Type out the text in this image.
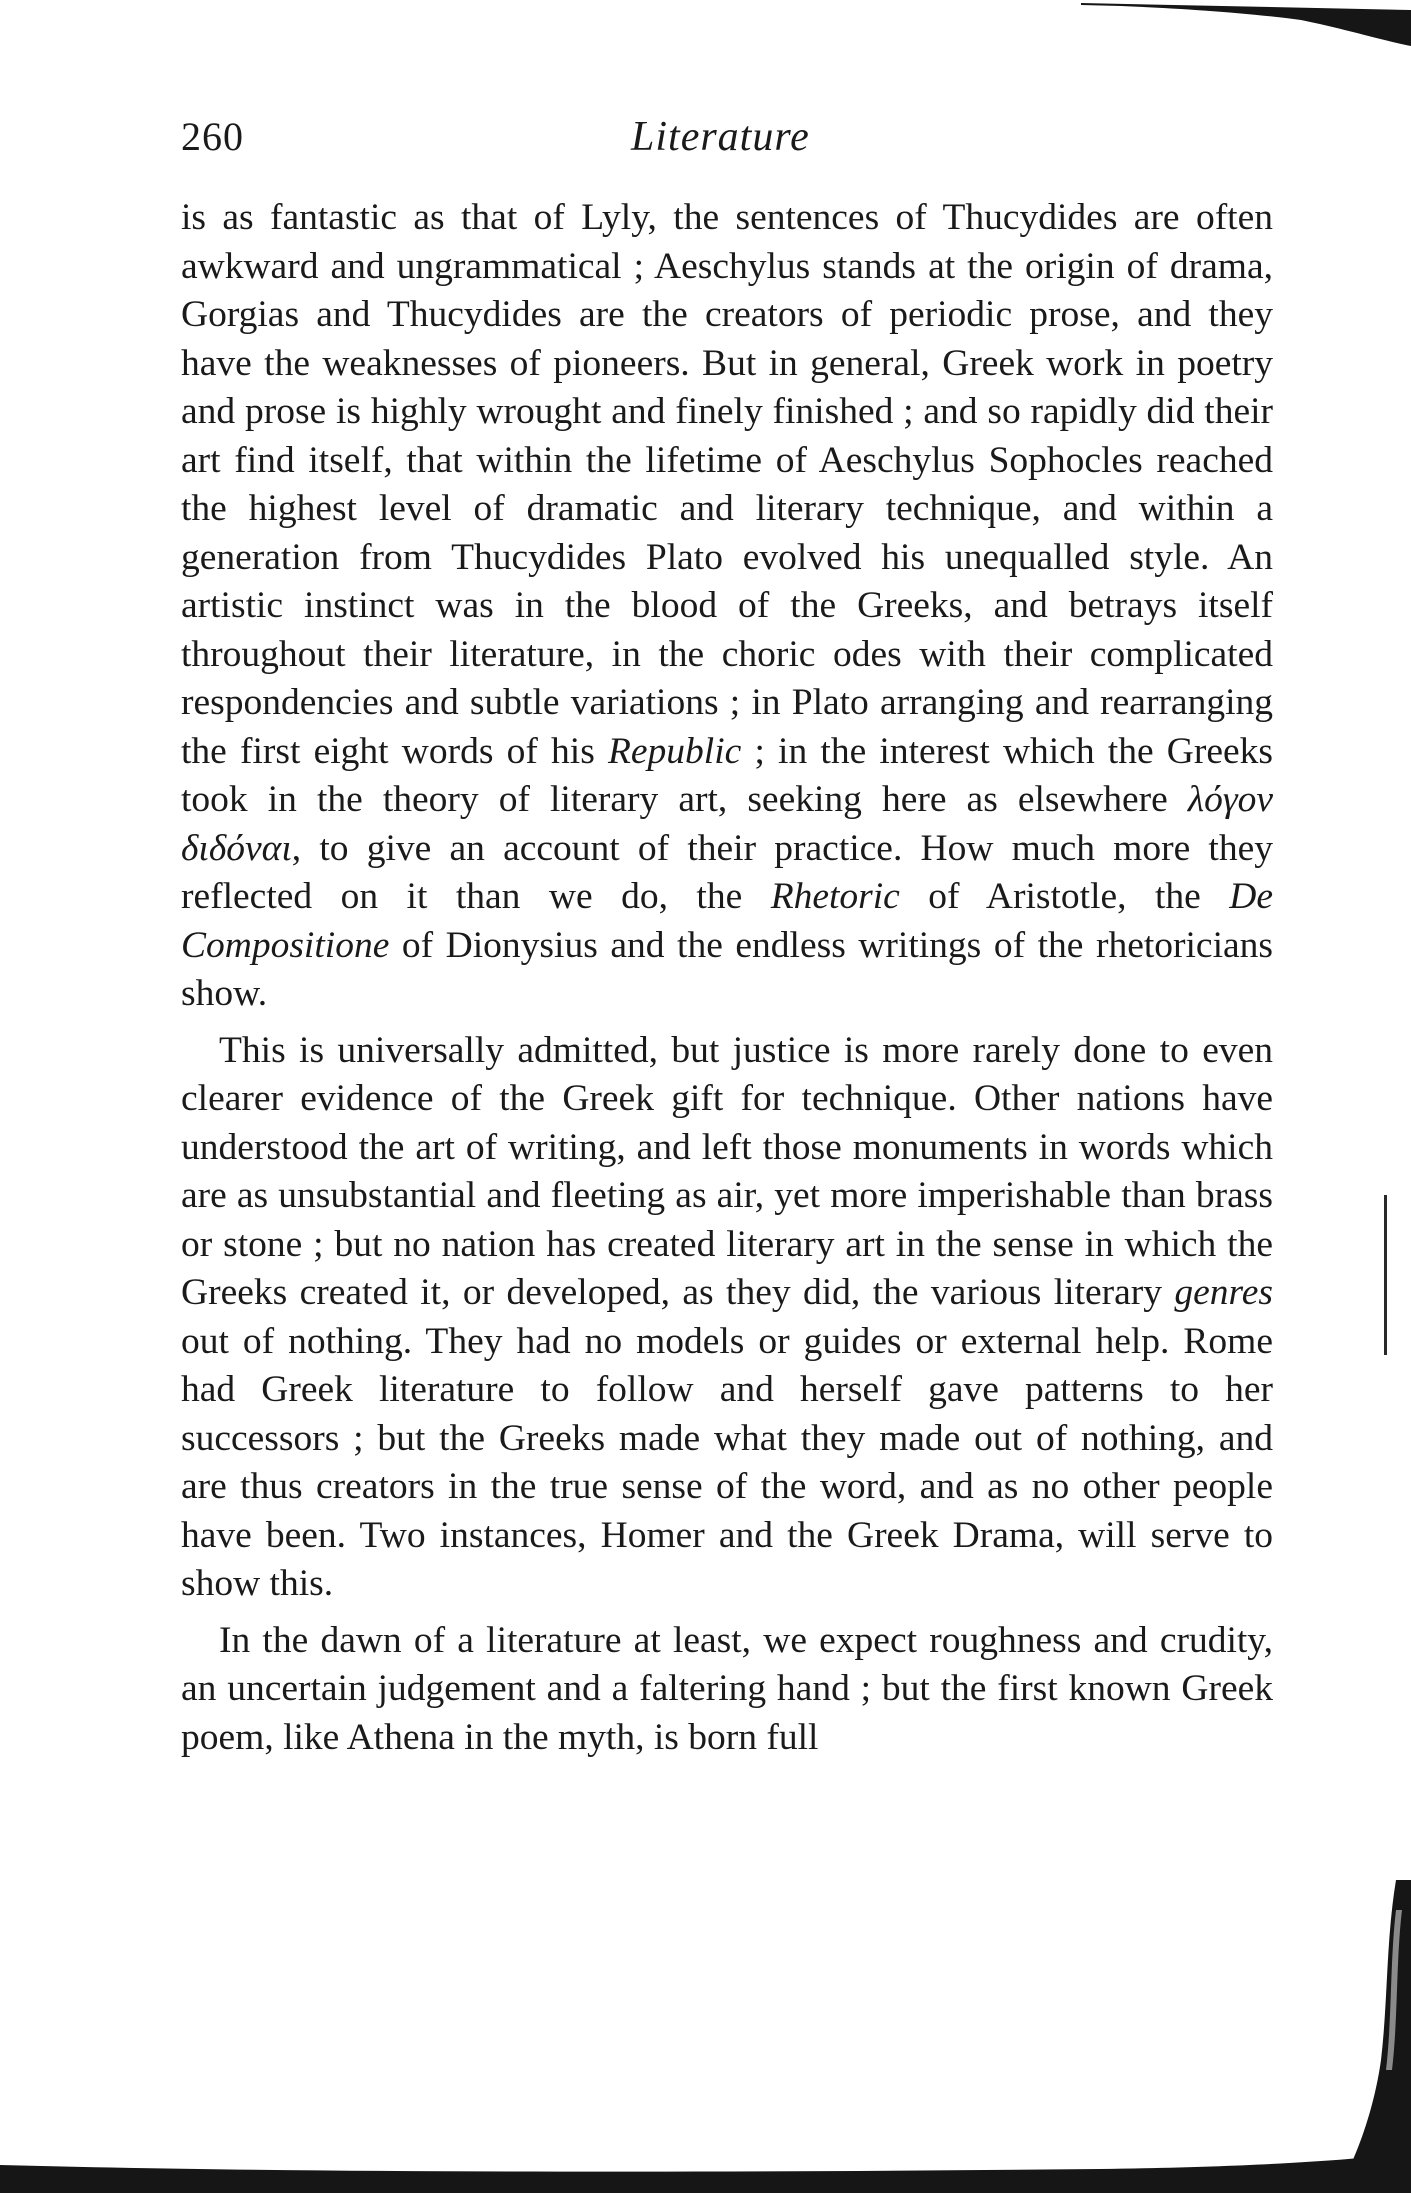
260	Literature

is as fantastic as that of Lyly, the sentences of Thucydides are often awkward and ungrammatical ; Aeschylus stands at the origin of drama, Gorgias and Thucydides are the creators of periodic prose, and they have the weaknesses of pioneers. But in general, Greek work in poetry and prose is highly wrought and finely finished ; and so rapidly did their art find itself, that within the lifetime of Aeschylus Sophocles reached the highest level of dramatic and literary technique, and within a generation from Thucydides Plato evolved his unequalled style. An artistic instinct was in the blood of the Greeks, and betrays itself throughout their literature, in the choric odes with their complicated respondencies and subtle variations ; in Plato arranging and rearranging the first eight words of his Republic ; in the interest which the Greeks took in the theory of literary art, seeking here as elsewhere λόγον διδόναι, to give an account of their practice. How much more they reflected on it than we do, the Rhetoric of Aristotle, the De Compositione of Dionysius and the endless writings of the rhetoricians show.

This is universally admitted, but justice is more rarely done to even clearer evidence of the Greek gift for technique. Other nations have understood the art of writing, and left those monuments in words which are as unsubstantial and fleeting as air, yet more imperishable than brass or stone ; but no nation has created literary art in the sense in which the Greeks created it, or developed, as they did, the various literary genres out of nothing. They had no models or guides or external help. Rome had Greek literature to follow and herself gave patterns to her successors ; but the Greeks made what they made out of nothing, and are thus creators in the true sense of the word, and as no other people have been. Two instances, Homer and the Greek Drama, will serve to show this.

In the dawn of a literature at least, we expect roughness and crudity, an uncertain judgement and a faltering hand ; but the first known Greek poem, like Athena in the myth, is born full
